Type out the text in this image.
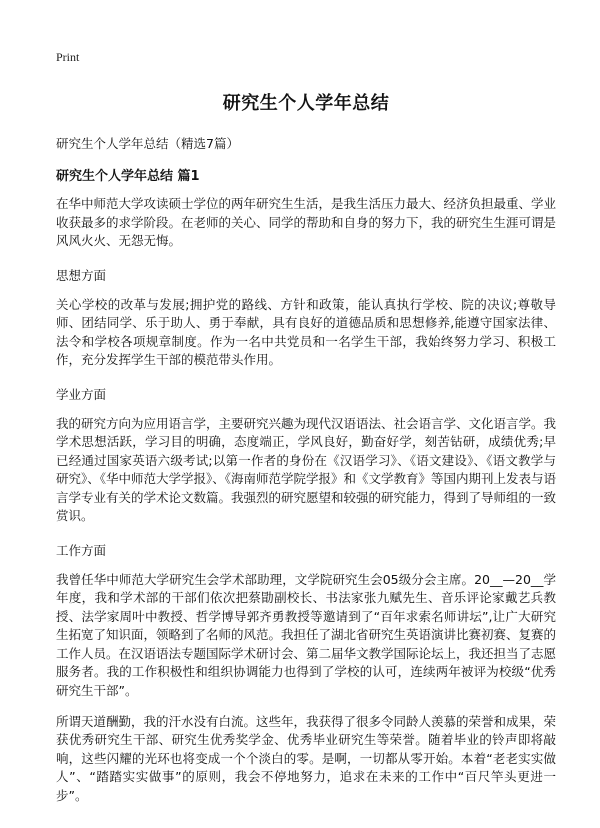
Print
研究生个人学年总结
研究生个人学年总结（精选7篇）
研究生个人学年总结 篇1

在华中师范大学攻读硕士学位的两年研究生生活，是我生活压力最大、经济负担最重、学业收获最多的求学阶段。在老师的关心、同学的帮助和自身的努力下，我的研究生生涯可谓是风风火火、无怨无悔。

思想方面

关心学校的改革与发展;拥护党的路线、方针和政策，能认真执行学校、院的决议;尊敬导师、团结同学、乐于助人、勇于奉献，具有良好的道德品质和思想修养,能遵守国家法律、法令和学校各项规章制度。作为一名中共党员和一名学生干部，我始终努力学习、积极工作，充分发挥学生干部的模范带头作用。

学业方面

我的研究方向为应用语言学，主要研究兴趣为现代汉语语法、社会语言学、文化语言学。我学术思想活跃，学习目的明确，态度端正，学风良好，勤奋好学，刻苦钻研，成绩优秀;早已经通过国家英语六级考试;以第一作者的身份在《汉语学习》、《语文建设》、《语文教学与研究》、《华中师范大学学报》、《海南师范学院学报》和《文学教育》等国内期刊上发表与语言学专业有关的学术论文数篇。我强烈的研究愿望和较强的研究能力，得到了导师组的一致赏识。

工作方面

我曾任华中师范大学研究生会学术部助理，文学院研究生会05级分会主席。20__—20__学年度，我和学术部的干部们依次把蔡勖副校长、书法家张九赋先生、音乐评论家戴艺兵教授、法学家周叶中教授、哲学博导郭齐勇教授等邀请到了“百年求索名师讲坛”,让广大研究生拓宽了知识面，领略到了名师的风范。我担任了湖北省研究生英语演讲比赛初赛、复赛的工作人员。在汉语语法专题国际学术研讨会、第二届华文教学国际论坛上，我还担当了志愿服务者。我的工作积极性和组织协调能力也得到了学校的认可，连续两年被评为校级“优秀研究生干部”。

所谓天道酬勤，我的汗水没有白流。这些年，我获得了很多令同龄人羡慕的荣誉和成果，荣获优秀研究生干部、研究生优秀奖学金、优秀毕业研究生等荣誉。随着毕业的铃声即将敲响，这些闪耀的光环也将变成一个个淡白的零。是啊，一切都从零开始。本着“老老实实做人”、“踏踏实实做事”的原则，我会不停地努力，追求在未来的工作中“百尺竿头更进一步”。
